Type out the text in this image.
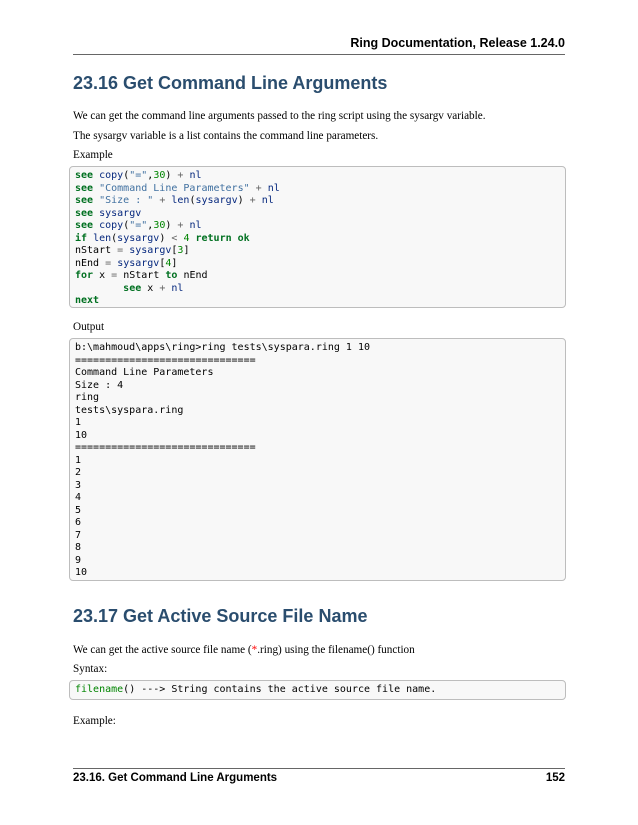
Ring Documentation, Release 1.24.0
23.16 Get Command Line Arguments

We can get the command line arguments passed to the ring script using the sysargv variable.

The sysargv variable is a list contains the command line parameters.

Example

see copy("=",30) + nl
see "Command Line Parameters" + nl
see "Size : " + len(sysargv) + nl
see sysargv
see copy("=",30) + nl
if len(sysargv) < 4 return ok
nStart = sysargv[3]
nEnd = sysargv[4]
for x = nStart to nEnd
see x + nl
next

Output

b:\mahmoud\apps\ring>ring tests\syspara.ring 1 10
==============================
Command Line Parameters
Size : 4
ring
tests\syspara.ring
1
10
==============================
1
2
3
4
5
6
7
8
9
10
23.17 Get Active Source File Name

We can get the active source file name (*.ring) using the filename() function

Syntax:

filename() ---> String contains the active source file name.

Example:

23.16. Get Command Line Arguments	152
